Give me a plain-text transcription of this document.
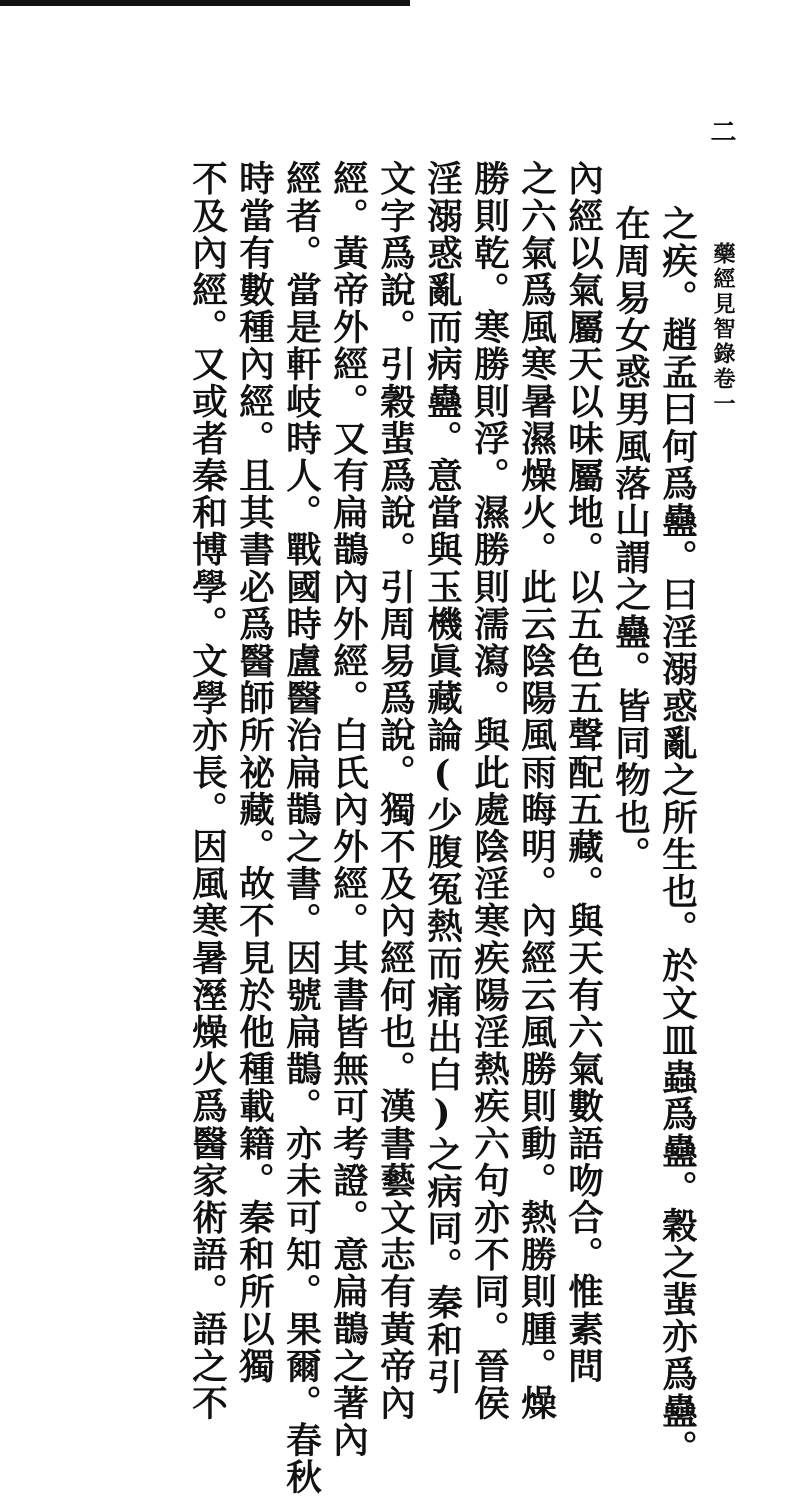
二
藥經見智錄
卷一
之疾。趙孟曰何爲蠱。曰淫溺惑亂之所生也。於文皿蟲爲蠱。穀之蜚亦爲蠱。
在周易女惑男風落山謂之蠱。皆同物也。
內經以氣屬天以味屬地。以五色五聲配五藏。與天有六氣數語吻合。惟素問
之六氣爲風寒暑濕燥火。此云陰陽風雨晦明。內經云風勝則動。熱勝則腫。燥
勝則乾。寒勝則浮。濕勝則濡瀉。與此處陰淫寒疾陽淫熱疾六句亦不同。晉侯
淫溺惑亂而病蠱。意當與玉機眞藏論(少腹冤熱而痛出白)之病同。秦和引
文字爲說。引穀蜚爲說。引周易爲說。獨不及內經何也。漢書藝文志有黃帝內
經。黃帝外經。又有扁鵲內外經。白氏內外經。其書皆無可考證。意扁鵲之著內
經者。當是軒岐時人。戰國時盧醫治扁鵲之書。因號扁鵲。亦未可知。果爾。春秋
時當有數種內經。且其書必爲醫師所祕藏。故不見於他種載籍。秦和所以獨
不及內經。又或者秦和博學。文學亦長。因風寒暑溼燥火爲醫家術語。語之不
